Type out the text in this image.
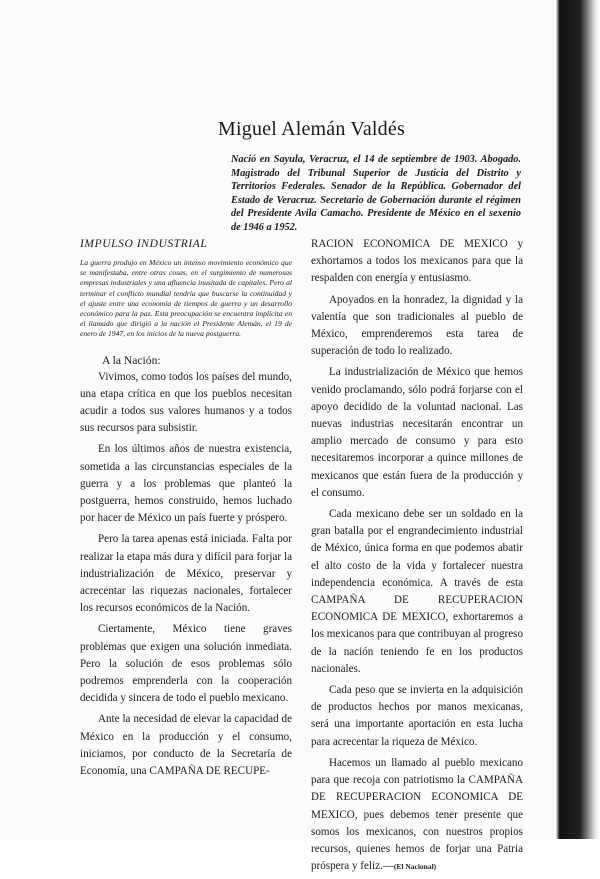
Miguel Alemán Valdés
Nació en Sayula, Veracruz, el 14 de septiembre de 1903. Abogado. Magistrado del Tribunal Superior de Justicia del Distrito y Territorios Federales. Senador de la República. Gobernador del Estado de Veracruz. Secretario de Gobernación durante el régimen del Presidente Avila Camacho. Presidente de México en el sexenio de 1946 a 1952.
IMPULSO INDUSTRIAL
La guerra produjo en México un intenso movimiento económico que se manifestaba, entre otras cosas, en el surgimiento de numerosas empresas industriales y una afluencia inusitada de capitales. Pero al terminar el conflicto mundial tendría que buscarse la continuidad y el ajuste entre una economía de tiempos de guerra y un desarrollo económico para la paz. Esta preocupación se encuentra implícita en el llamado que dirigió a la nación el Presidente Alemán, el 19 de enero de 1947, en los inicios de la nueva postguerra.
A la Nación:

Vivimos, como todos los países del mundo, una etapa crítica en que los pueblos necesitan acudir a todos sus valores humanos y a todos sus recursos para subsistir.

En los últimos años de nuestra existencia, sometida a las circunstancias especiales de la guerra y a los problemas que planteó la postguerra, hemos construido, hemos luchado por hacer de México un país fuerte y próspero.

Pero la tarea apenas está iniciada. Falta por realizar la etapa más dura y difícil para forjar la industrialización de México, preservar y acrecentar las riquezas nacionales, fortalecer los recursos económicos de la Nación.

Ciertamente, México tiene graves problemas que exigen una solución inmediata. Pero la solución de esos problemas sólo podremos emprenderla con la cooperación decidida y sincera de todo el pueblo mexicano.

Ante la necesidad de elevar la capacidad de México en la producción y el consumo, iniciamos, por conducto de la Secretaría de Economía, una CAMPAÑA DE RECUPE-

RACION ECONOMICA DE MEXICO y exhortamos a todos los mexicanos para que la respalden con energía y entusiasmo.

Apoyados en la honradez, la dignidad y la valentía que son tradicionales al pueblo de México, emprenderemos esta tarea de superación de todo lo realizado.

La industrialización de México que hemos venido proclamando, sólo podrá forjarse con el apoyo decidido de la voluntad nacional. Las nuevas industrias necesitarán encontrar un amplio mercado de consumo y para esto necesitaremos incorporar a quince millones de mexicanos que están fuera de la producción y el consumo.

Cada mexicano debe ser un soldado en la gran batalla por el engrandecimiento industrial de México, única forma en que podemos abatir el alto costo de la vida y fortalecer nuestra independencia económica. A través de esta CAMPAÑA DE RECUPERACION ECONOMICA DE MEXICO, exhortaremos a los mexicanos para que contribuyan al progreso de la nación teniendo fe en los productos nacionales.

Cada peso que se invierta en la adquisición de productos hechos por manos mexicanas, será una importante aportación en esta lucha para acrecentar la riqueza de México.

Hacemos un llamado al pueblo mexicano para que recoja con patriotismo la CAMPAÑA DE RECUPERACION ECONOMICA DE MEXICO, pues debemos tener presente que somos los mexicanos, con nuestros propios recursos, quienes hemos de forjar una Patria próspera y feliz.—(El Nacional)
